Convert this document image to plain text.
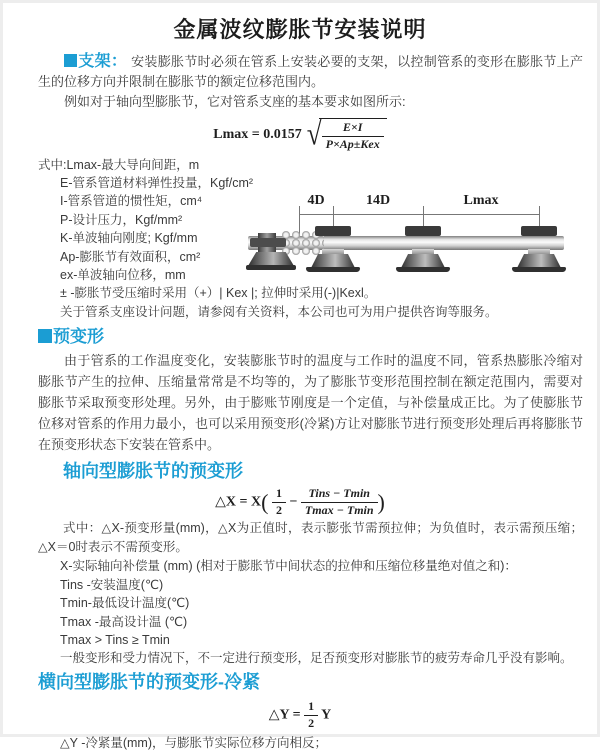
金属波纹膨胀节安装说明

支架： 安装膨胀节时必须在管系上安装必要的支架，以控制管系的变形在膨胀节上产生的位移方向并限制在膨胀节的额定位移范围内。

例如对于轴向型膨胀节，它对管系支座的基本要求如图所示:

Lmax = 0.0157 √ $\frac{E\times I}{\text{P×Ap±Kex}}$
式中:Lmax-最大导向间距，m
E-管系管道材料弹性投量，Kgf/cm²
I-管系管道的惯性矩，cm⁴
P-设计压力，Kgf/mm²
K-单波轴向刚度; Kgf/mm
Ap-膨胀节有效面积，cm²
ex-单波轴向位移，mm
± -膨胀节受压缩时采用（+）| Kex |; 拉伸时采用(-)|Kexl。
关于管系支座设计问题，请参阅有关资料，本公司也可为用户提供咨询等服务。
4D	14D	Lmax
预变形

由于管系的工作温度变化，安装膨胀节时的温度与工作时的温度不同，管系热膨胀冷缩对膨胀节产生的拉伸、压缩量常常是不均等的，为了膨胀节变形范围控制在额定范围内，需要对膨胀节采取预变形处理。另外，由于膨账节刚度是一个定值，与补偿量成正比。为了使膨胀节位移对管系的作用力最小，也可以采用预变形(冷紧)方让对膨胀节进行预变形处理后再将膨胀节在预变形状态下安装在管系中。

轴向型膨胀节的预变形
△X = $X( \frac{1}{2} - \frac{\text{Tins − Tmin}}{Tmax - Tmin}$ )

式中：△X-预变形量(mm)，△X为正值时，表示膨张节需预拉伸；为负值时，表示需预压缩；△X＝0时表示不需预变形。

X-实际轴向补偿量 (mm) (相对于膨胀节中间状态的拉伸和压缩位移量绝对值之和)：
Tins -安装温度(℃)
Tmin-最低设计温度(℃)
Tmax -最高设计温 (℃)
Tmax > Tins ≥ Tmin
一般变形和受力情况下，不一定进行预变形，足否预变形对膨胀节的疲劳寿命几乎没有影响。
横向型膨胀节的预变形-冷紧
△Y = $\frac{1}{2}$ Y
△Y -冷紧量(mm)，与膨胀节实际位移方向相反；
